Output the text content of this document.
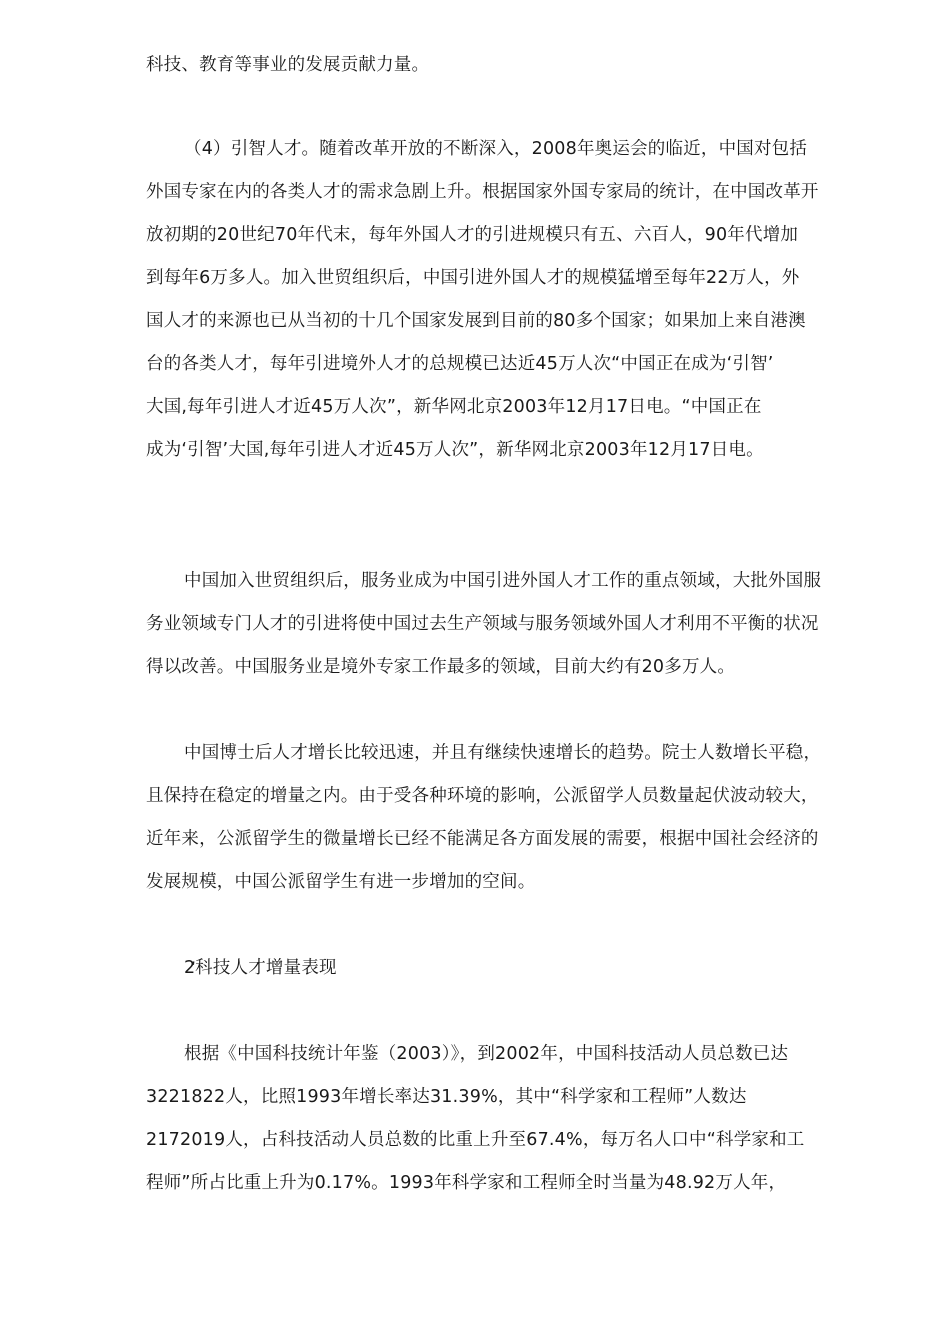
科技、教育等事业的发展贡献力量。
（4）引智人才。随着改革开放的不断深入，2008年奥运会的临近，中国对包括
外国专家在内的各类人才的需求急剧上升。根据国家外国专家局的统计，在中国改革开
放初期的20世纪70年代末，每年外国人才的引进规模只有五、六百人，90年代增加
到每年6万多人。加入世贸组织后，中国引进外国人才的规模猛增至每年22万人，外
国人才的来源也已从当初的十几个国家发展到目前的80多个国家；如果加上来自港澳
台的各类人才，每年引进境外人才的总规模已达近45万人次“中国正在成为‘引智’
大国,每年引进人才近45万人次”，新华网北京2003年12月17日电。“中国正在
成为‘引智’大国,每年引进人才近45万人次”，新华网北京2003年12月17日电。
中国加入世贸组织后，服务业成为中国引进外国人才工作的重点领域，大批外国服
务业领域专门人才的引进将使中国过去生产领域与服务领域外国人才利用不平衡的状况
得以改善。中国服务业是境外专家工作最多的领域，目前大约有20多万人。
中国博士后人才增长比较迅速，并且有继续快速增长的趋势。院士人数增长平稳，
且保持在稳定的增量之内。由于受各种环境的影响，公派留学人员数量起伏波动较大，
近年来，公派留学生的微量增长已经不能满足各方面发展的需要，根据中国社会经济的
发展规模，中国公派留学生有进一步增加的空间。
2ᡃ科技人才增量表现
根据《中国科技统计年鉴（2003）》，到2002年，中国科技活动人员总数已达
3221822人，比照1993年增长率达31.39%，其中“科学家和工程师”人数达
2172019人，占科技活动人员总数的比重上升至67.4%，每万名人口中“科学家和工
程师”所占比重上升为0.17%。1993年科学家和工程师全时当量为48.92万人年，
